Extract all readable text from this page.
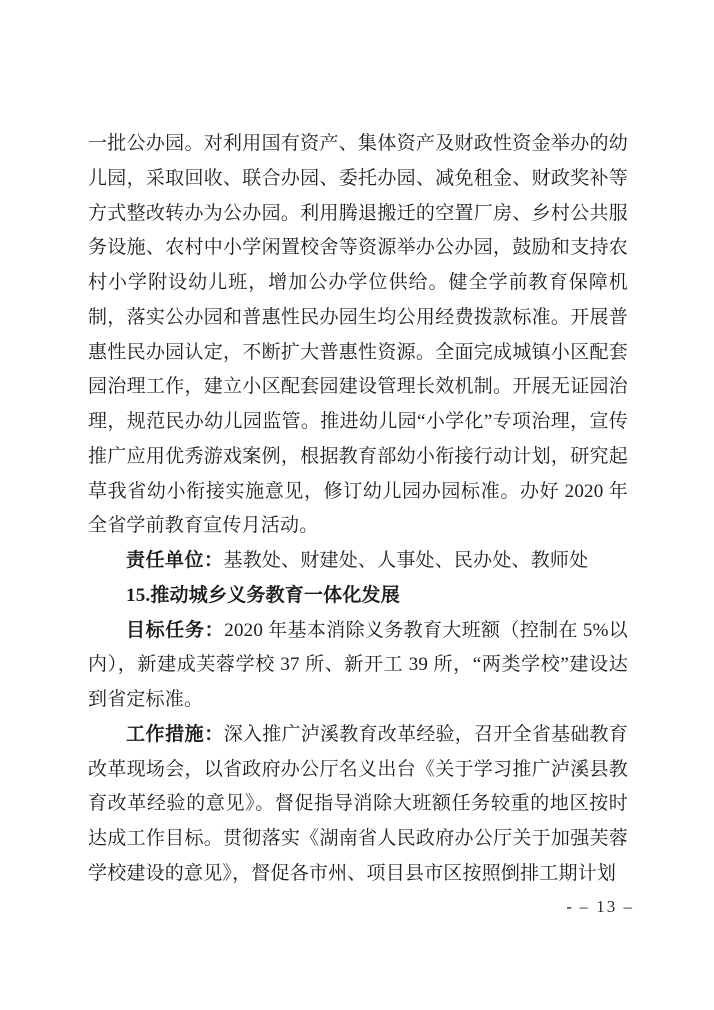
一批公办园。对利用国有资产、集体资产及财政性资金举办的幼儿园，采取回收、联合办园、委托办园、减免租金、财政奖补等方式整改转办为公办园。利用腾退搬迁的空置厂房、乡村公共服务设施、农村中小学闲置校舍等资源举办公办园，鼓励和支持农村小学附设幼儿班，增加公办学位供给。健全学前教育保障机制，落实公办园和普惠性民办园生均公用经费拨款标准。开展普惠性民办园认定，不断扩大普惠性资源。全面完成城镇小区配套园治理工作，建立小区配套园建设管理长效机制。开展无证园治理，规范民办幼儿园监管。推进幼儿园“小学化”专项治理，宣传推广应用优秀游戏案例，根据教育部幼小衔接行动计划，研究起草我省幼小衔接实施意见，修订幼儿园办园标准。办好 2020 年全省学前教育宣传月活动。

责任单位：基教处、财建处、人事处、民办处、教师处

15.推动城乡义务教育一体化发展

目标任务：2020 年基本消除义务教育大班额（控制在 5%以内），新建成芙蓉学校 37 所、新开工 39 所，“两类学校”建设达到省定标准。

工作措施：深入推广泸溪教育改革经验，召开全省基础教育改革现场会，以省政府办公厅名义出台《关于学习推广泸溪县教育改革经验的意见》。督促指导消除大班额任务较重的地区按时达成工作目标。贯彻落实《湖南省人民政府办公厅关于加强芙蓉学校建设的意见》，督促各市州、项目县市区按照倒排工期计划

- – 13 –
